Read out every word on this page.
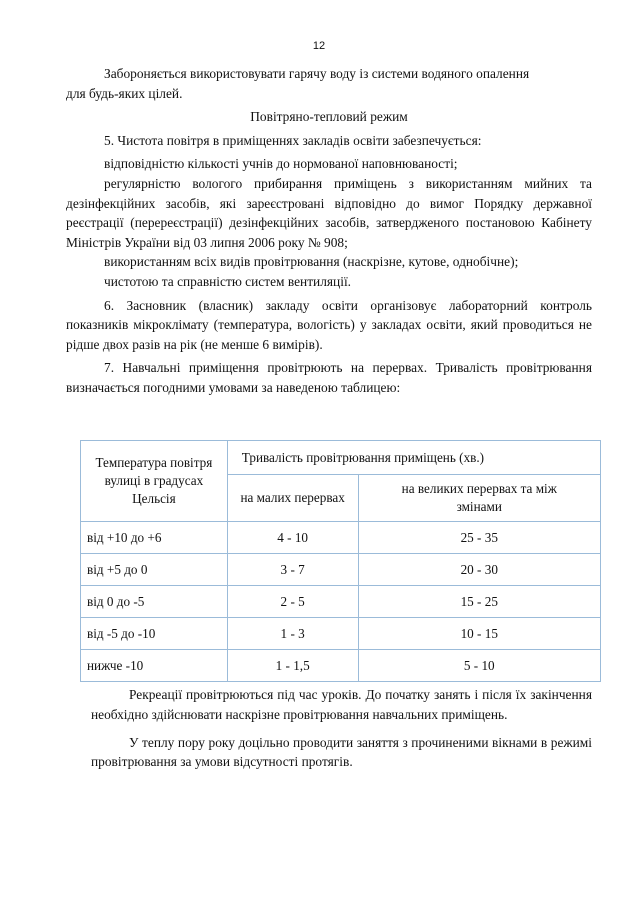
12

Забороняється використовувати гарячу воду із системи водяного опалення

для будь-яких цілей.

Повітряно-тепловий режим

5. Чистота повітря в приміщеннях закладів освіти забезпечується:

відповідністю кількості учнів до нормованої наповнюваності;

регулярністю вологого прибирання приміщень з використанням мийних та дезінфекційних засобів, які зареєстровані відповідно до вимог Порядку державної реєстрації (перереєстрації) дезінфекційних засобів, затвердженого постановою Кабінету Міністрів України від 03 липня 2006 року № 908;

використанням всіх видів провітрювання (наскрізне, кутове, однобічне);

чистотою та справністю систем вентиляції.

6. Засновник (власник) закладу освіти організовує лабораторний контроль показників мікроклімату (температура, вологість) у закладах освіти, який проводиться не рідше двох разів на рік (не менше 6 вимірів).

7. Навчальні приміщення провітрюють на перервах. Тривалість провітрювання визначається погодними умовами за наведеною таблицею:

Температура повітря вулиці в градусах Цельсія	Тривалість провітрювання приміщень (хв.)	
	на малих перервах	на великих перервах та між змінами
від +10 до +6	4 - 10	25 - 35
від +5 до 0	3 - 7	20 - 30
від 0 до -5	2 - 5	15 - 25
від -5 до -10	1 - 3	10 - 15
нижче -10	1 - 1,5	5 - 10

Рекреації провітрюються під час уроків. До початку занять і після їх закінчення необхідно здійснювати наскрізне провітрювання навчальних приміщень.

У теплу пору року доцільно проводити заняття з прочиненими вікнами в режимі провітрювання за умови відсутності протягів.
